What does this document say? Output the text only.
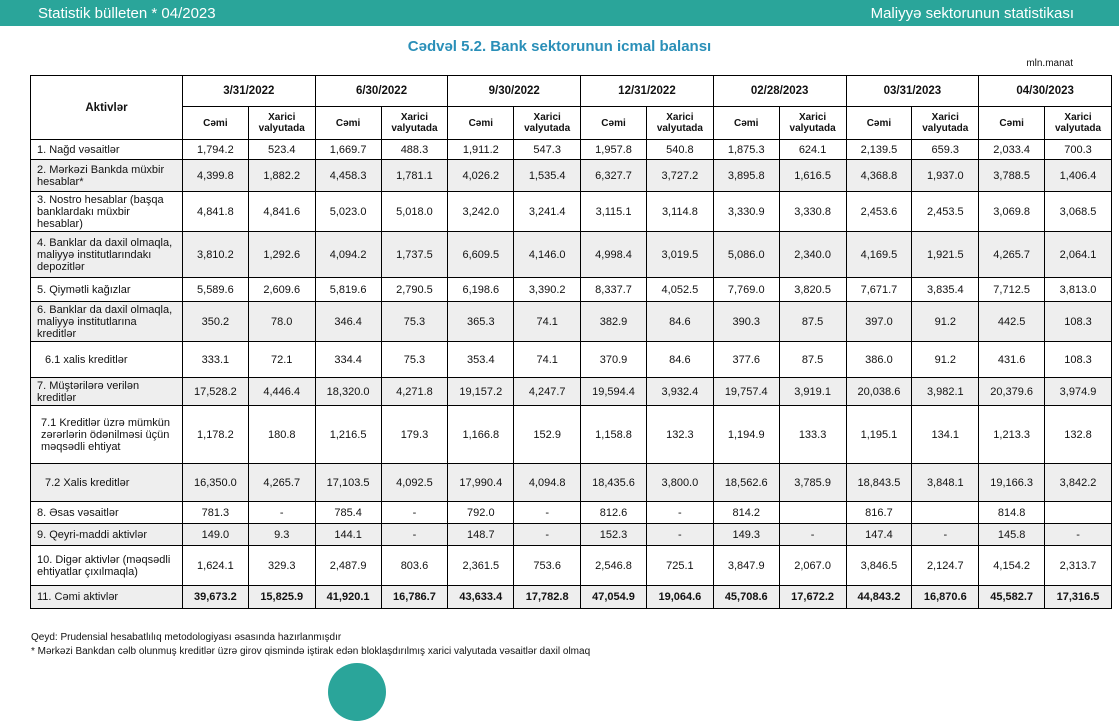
Statistik bülleten * 04/2023	Maliyyə sektorunun statistikası
Cədvəl 5.2. Bank sektorunun icmal balansı
mln.manat
Aktivlər	3/31/2022		6/30/2022		9/30/2022		12/31/2022		02/28/2023		03/31/2023		04/30/2023	
	Cəmi	Xarici valyutada	Cəmi	Xarici valyutada	Cəmi	Xarici valyutada	Cəmi	Xarici valyutada	Cəmi	Xarici valyutada	Cəmi	Xarici valyutada	Cəmi	Xarici valyutada
1. Nağd vəsaitlər	1,794.2	523.4	1,669.7	488.3	1,911.2	547.3	1,957.8	540.8	1,875.3	624.1	2,139.5	659.3	2,033.4	700.3
2. Mərkəzi Bankda müxbir hesablar*	4,399.8	1,882.2	4,458.3	1,781.1	4,026.2	1,535.4	6,327.7	3,727.2	3,895.8	1,616.5	4,368.8	1,937.0	3,788.5	1,406.4
3. Nostro hesablar (başqa banklardakı müxbir hesablar)	4,841.8	4,841.6	5,023.0	5,018.0	3,242.0	3,241.4	3,115.1	3,114.8	3,330.9	3,330.8	2,453.6	2,453.5	3,069.8	3,068.5
4. Banklar da daxil olmaqla, maliyyə institutlarındakı depozitlər	3,810.2	1,292.6	4,094.2	1,737.5	6,609.5	4,146.0	4,998.4	3,019.5	5,086.0	2,340.0	4,169.5	1,921.5	4,265.7	2,064.1
5. Qiymətli kağızlar	5,589.6	2,609.6	5,819.6	2,790.5	6,198.6	3,390.2	8,337.7	4,052.5	7,769.0	3,820.5	7,671.7	3,835.4	7,712.5	3,813.0
6. Banklar da daxil olmaqla, maliyyə institutlarına kreditlər	350.2	78.0	346.4	75.3	365.3	74.1	382.9	84.6	390.3	87.5	397.0	91.2	442.5	108.3
6.1 xalis kreditlər	333.1	72.1	334.4	75.3	353.4	74.1	370.9	84.6	377.6	87.5	386.0	91.2	431.6	108.3
7. Müştərilərə verilən kreditlər	17,528.2	4,446.4	18,320.0	4,271.8	19,157.2	4,247.7	19,594.4	3,932.4	19,757.4	3,919.1	20,038.6	3,982.1	20,379.6	3,974.9
7.1 Kreditlər üzrə mümkün zərərlərin ödənilməsi üçün məqsədli ehtiyat	1,178.2	180.8	1,216.5	179.3	1,166.8	152.9	1,158.8	132.3	1,194.9	133.3	1,195.1	134.1	1,213.3	132.8
7.2 Xalis kreditlər	16,350.0	4,265.7	17,103.5	4,092.5	17,990.4	4,094.8	18,435.6	3,800.0	18,562.6	3,785.9	18,843.5	3,848.1	19,166.3	3,842.2
8. Əsas vəsaitlər	781.3	-	785.4	-	792.0	-	812.6	-	814.2		816.7		814.8	
9. Qeyri-maddi aktivlər	149.0	9.3	144.1	-	148.7	-	152.3	-	149.3	-	147.4	-	145.8	-
10. Digər aktivlər (məqsədli ehtiyatlar çıxılmaqla)	1,624.1	329.3	2,487.9	803.6	2,361.5	753.6	2,546.8	725.1	3,847.9	2,067.0	3,846.5	2,124.7	4,154.2	2,313.7
11. Cəmi aktivlər	39,673.2	15,825.9	41,920.1	16,786.7	43,633.4	17,782.8	47,054.9	19,064.6	45,708.6	17,672.2	44,843.2	16,870.6	45,582.7	17,316.5
Qeyd: Prudensial hesabatlılıq metodologiyası əsasında hazırlanmışdır
* Mərkəzi Bankdan cəlb olunmuş kreditlər üzrə girov qismində iştirak edən bloklaşdırılmış xarici valyutada vəsaitlər daxil olmaq
